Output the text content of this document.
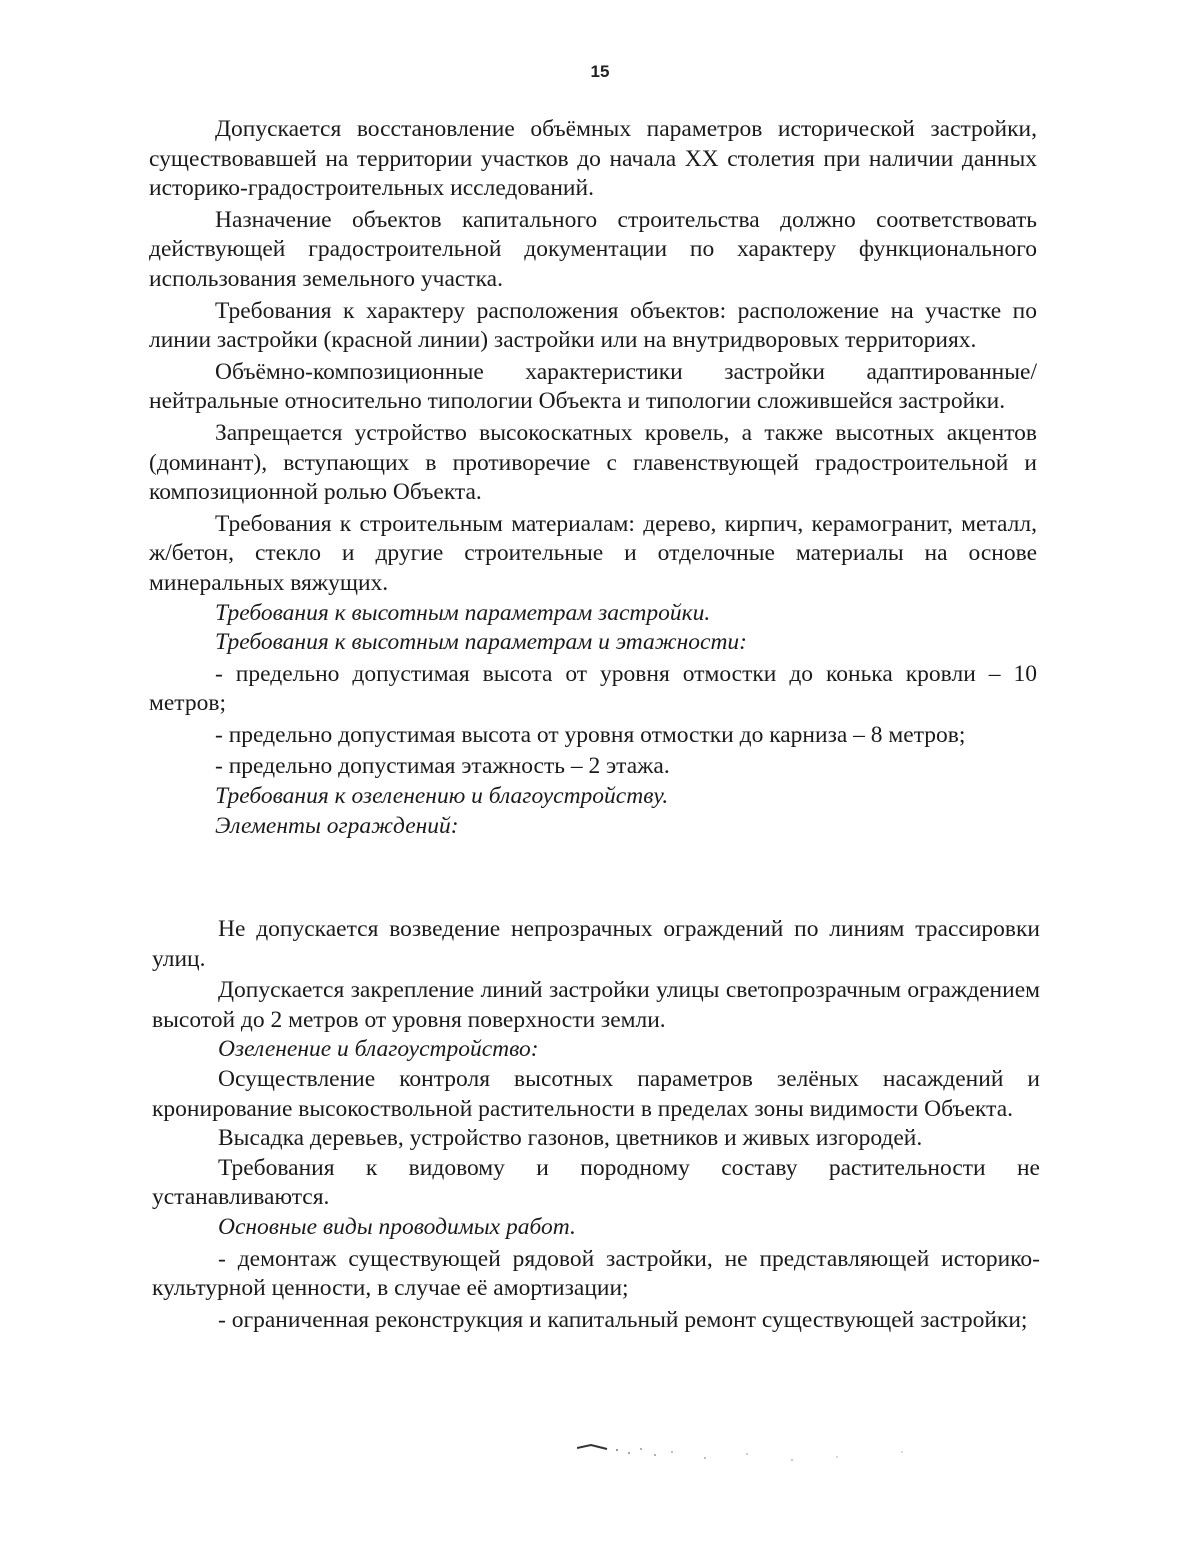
15

Допускается восстановление объёмных параметров исторической застройки, существовавшей на территории участков до начала XX столетия при наличии данных историко-градостроительных исследований.

Назначение объектов капитального строительства должно соответствовать действующей градостроительной документации по характеру функционального использования земельного участка.

Требования к характеру расположения объектов: расположение на участке по линии застройки (красной линии) застройки или на внутридворовых территориях.

Объёмно-композиционные характеристики застройки адаптированные/ нейтральные относительно типологии Объекта и типологии сложившейся застройки.

Запрещается устройство высокоскатных кровель, а также высотных акцентов (доминант), вступающих в противоречие с главенствующей градостроительной и композиционной ролью Объекта.

Требования к строительным материалам: дерево, кирпич, керамогранит, металл, ж/бетон, стекло и другие строительные и отделочные материалы на основе минеральных вяжущих.

Требования к высотным параметрам застройки.

Требования к высотным параметрам и этажности:

- предельно допустимая высота от уровня отмостки до конька кровли – 10 метров;

- предельно допустимая высота от уровня отмостки до карниза – 8 метров;

- предельно допустимая этажность – 2 этажа.

Требования к озеленению и благоустройству.

Элементы ограждений:

Не допускается возведение непрозрачных ограждений по линиям трассировки улиц.

Допускается закрепление линий застройки улицы светопрозрачным ограждением высотой до 2 метров от уровня поверхности земли.

Озеленение и благоустройство:

Осуществление контроля высотных параметров зелёных насаждений и кронирование высокоствольной растительности в пределах зоны видимости Объекта.

Высадка деревьев, устройство газонов, цветников и живых изгородей.

Требования к видовому и породному составу растительности не устанавливаются.

Основные виды проводимых работ.

- демонтаж существующей рядовой застройки, не представляющей историко-культурной ценности, в случае её амортизации;

- ограниченная реконструкция и капитальный ремонт существующей застройки;
